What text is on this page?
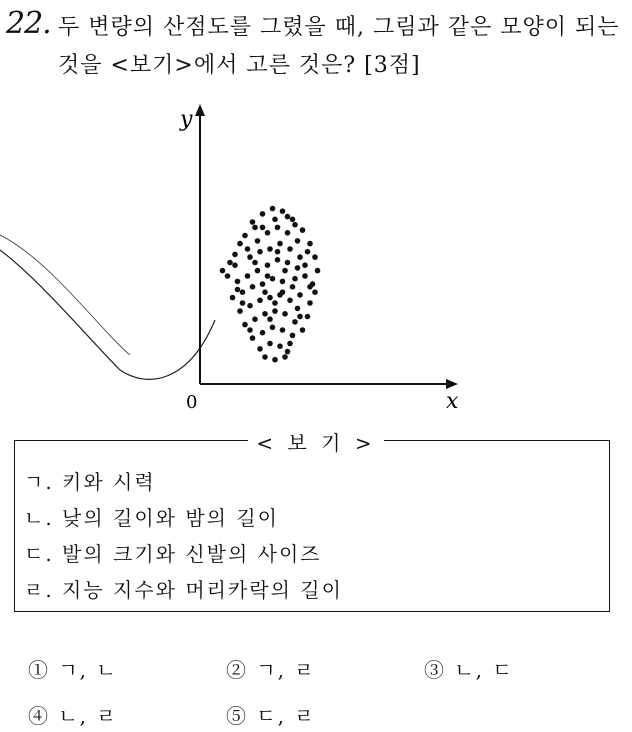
22. 두 변량의 산점도를 그렸을 때, 그림과 같은 모양이 되는
것을 <보기>에서 고른 것은? [3점]
y
x
0
< 보 기 >
ㄱ. 키와 시력
ㄴ. 낮의 길이와 밤의 길이
ㄷ. 발의 크기와 신발의 사이즈
ㄹ. 지능 지수와 머리카락의 길이
① ㄱ, ㄴ	② ㄱ, ㄹ	③ ㄴ, ㄷ
④ ㄴ, ㄹ	⑤ ㄷ, ㄹ
